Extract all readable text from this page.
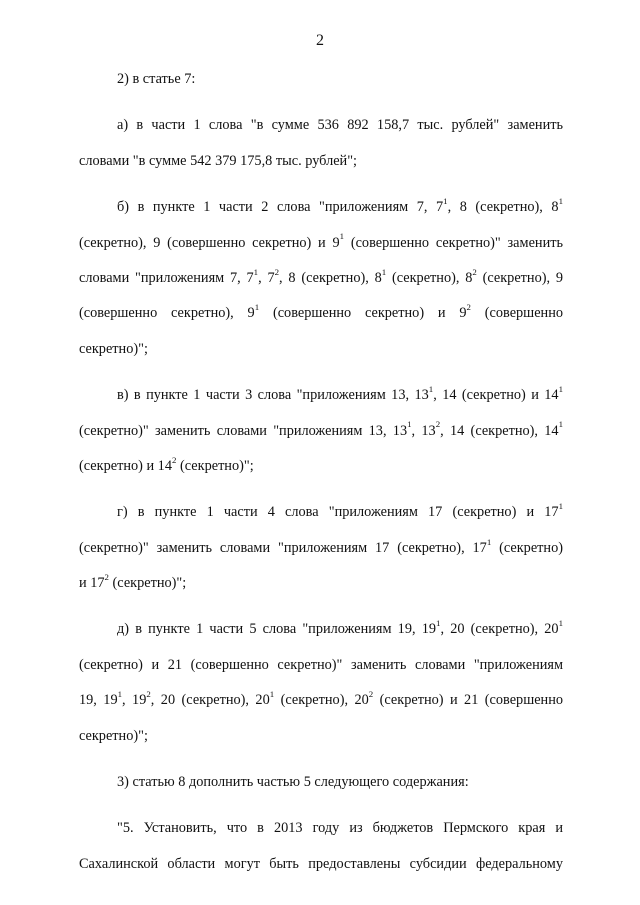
2
2) в статье 7:
а) в части 1 слова "в сумме 536 892 158,7 тыс. рублей" заменить
словами "в сумме 542 379 175,8 тыс. рублей";
б) в пункте 1 части 2 слова "приложениям 7, $7^1$, 8 (секретно), $8^1$
(секретно), 9 (совершенно секретно) и $9^1$ (совершенно секретно)" заменить
словами "приложениям 7, $7^1$, $7^2$, 8 (секретно), $8^1$ (секретно), $8^2$ (секретно), 9
(совершенно секретно), $9^1$ (совершенно секретно) и $9^2$ (совершенно
секретно)";
в) в пункте 1 части 3 слова "приложениям 13, $13^1$, 14 (секретно) и $14^1$
(секретно)" заменить словами "приложениям 13, $13^1$, $13^2$, 14 (секретно), $14^1$
(секретно) и $14^2$ (секретно)";
г) в пункте 1 части 4 слова "приложениям 17 (секретно) и $17^1$
(секретно)" заменить словами "приложениям 17 (секретно), $17^1$ (секретно)
и $17^2$ (секретно)";
д) в пункте 1 части 5 слова "приложениям 19, $19^1$, 20 (секретно), $20^1$
(секретно) и 21 (совершенно секретно)" заменить словами "приложениям
19, $19^1$, $19^2$, 20 (секретно), $20^1$ (секретно), $20^2$ (секретно) и 21 (совершенно
секретно)";
3) статью 8 дополнить частью 5 следующего содержания:
"5. Установить, что в 2013 году из бюджетов Пермского края и
Сахалинской области могут быть предоставлены субсидии федеральному
